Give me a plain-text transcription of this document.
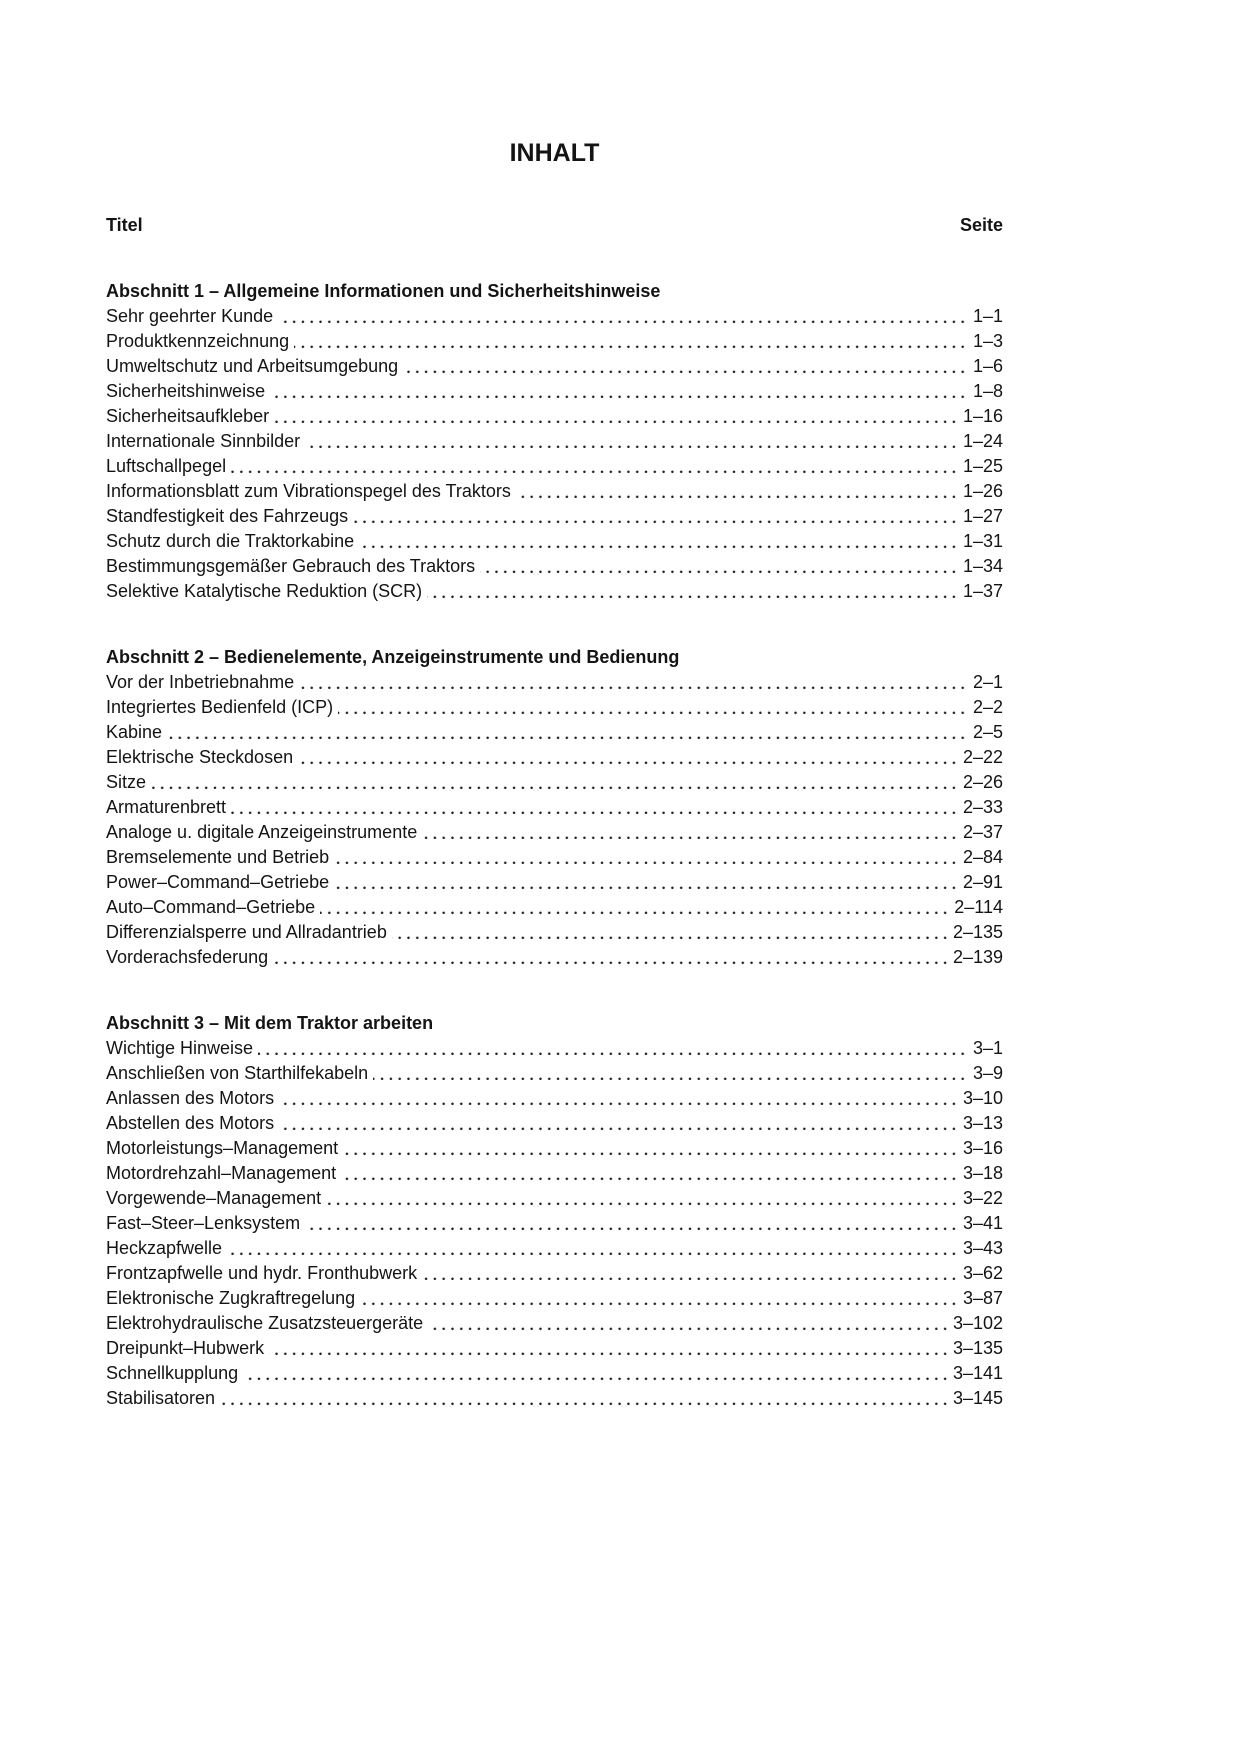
INHALT
Titel	Seite
Abschnitt 1 – Allgemeine Informationen und Sicherheitshinweise
Sehr geehrter Kunde	1–1
Produktkennzeichnung	1–3
Umweltschutz und Arbeitsumgebung	1–6
Sicherheitshinweise	1–8
Sicherheitsaufkleber	1–16
Internationale Sinnbilder	1–24
Luftschallpegel	1–25
Informationsblatt zum Vibrationspegel des Traktors	1–26
Standfestigkeit des Fahrzeugs	1–27
Schutz durch die Traktorkabine	1–31
Bestimmungsgemäßer Gebrauch des Traktors	1–34
Selektive Katalytische Reduktion (SCR)	1–37
Abschnitt 2 – Bedienelemente, Anzeigeinstrumente und Bedienung
Vor der Inbetriebnahme	2–1
Integriertes Bedienfeld (ICP)	2–2
Kabine	2–5
Elektrische Steckdosen	2–22
Sitze	2–26
Armaturenbrett	2–33
Analoge u. digitale Anzeigeinstrumente	2–37
Bremselemente und Betrieb	2–84
Power–Command–Getriebe	2–91
Auto–Command–Getriebe	2–114
Differenzialsperre und Allradantrieb	2–135
Vorderachsfederung	2–139
Abschnitt 3 – Mit dem Traktor arbeiten
Wichtige Hinweise	3–1
Anschließen von Starthilfekabeln	3–9
Anlassen des Motors	3–10
Abstellen des Motors	3–13
Motorleistungs–Management	3–16
Motordrehzahl–Management	3–18
Vorgewende–Management	3–22
Fast–Steer–Lenksystem	3–41
Heckzapfwelle	3–43
Frontzapfwelle und hydr. Fronthubwerk	3–62
Elektronische Zugkraftregelung	3–87
Elektrohydraulische Zusatzsteuergeräte	3–102
Dreipunkt–Hubwerk	3–135
Schnellkupplung	3–141
Stabilisatoren	3–145
